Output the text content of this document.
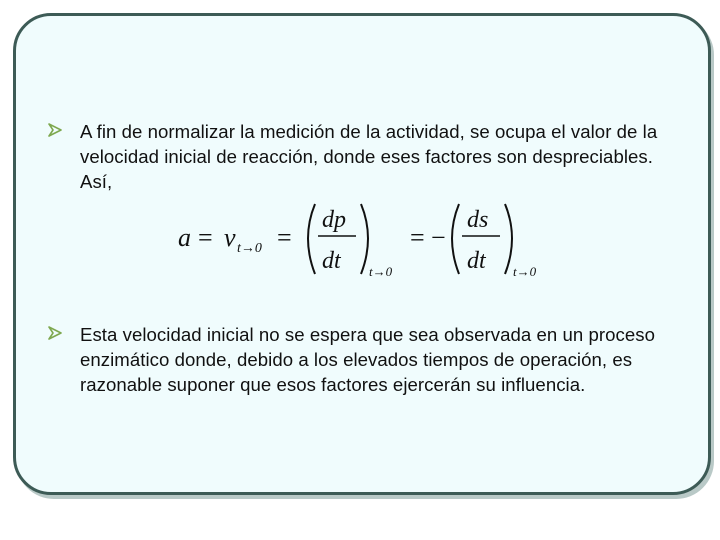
A fin de normalizar la medición de la actividad, se ocupa el valor de la
velocidad inicial de reacción, donde eses factores son despreciables.
Así,

a = v t→0 =
dp
dt t→0
= −
ds
dt t→0

Esta velocidad inicial no se espera que sea observada en un proceso
enzimático donde, debido a los elevados tiempos de operación, es
razonable suponer que esos factores ejercerán su influencia.
